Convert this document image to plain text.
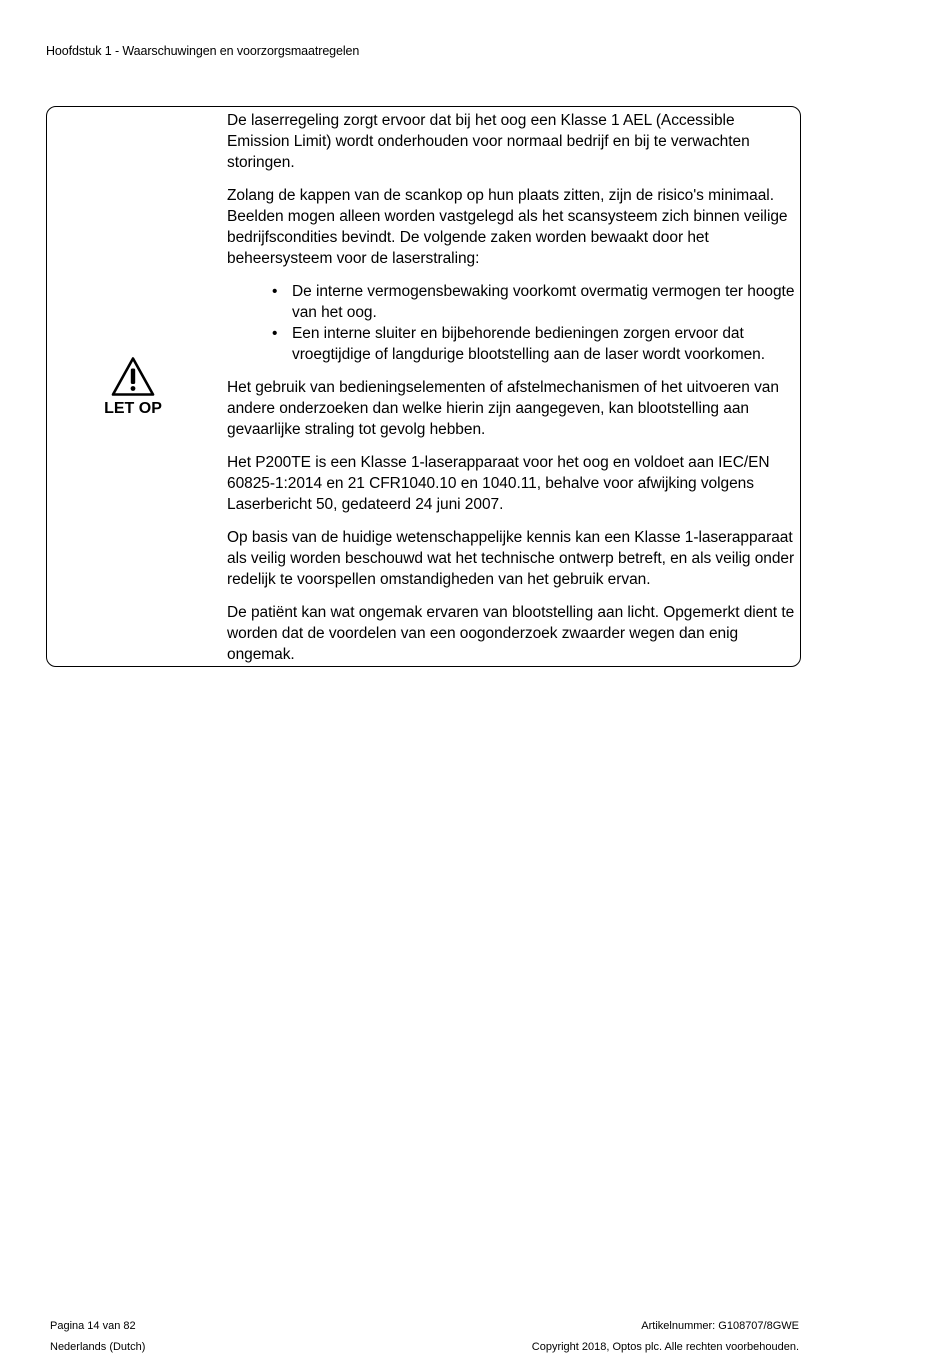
Hoofdstuk 1 - Waarschuwingen en voorzorgsmaatregelen
LET OP

De laserregeling zorgt ervoor dat bij het oog een Klasse 1 AEL (Accessible Emission Limit) wordt onderhouden voor normaal bedrijf en bij te verwachten storingen.

Zolang de kappen van de scankop op hun plaats zitten, zijn de risico's minimaal. Beelden mogen alleen worden vastgelegd als het scansysteem zich binnen veilige bedrijfscondities bevindt. De volgende zaken worden bewaakt door het beheersysteem voor de laserstraling:

• De interne vermogensbewaking voorkomt overmatig vermogen ter hoogte van het oog.
• Een interne sluiter en bijbehorende bedieningen zorgen ervoor dat vroegtijdige of langdurige blootstelling aan de laser wordt voorkomen.

Het gebruik van bedieningselementen of afstelmechanismen of het uitvoeren van andere onderzoeken dan welke hierin zijn aangegeven, kan blootstelling aan gevaarlijke straling tot gevolg hebben.

Het P200TE is een Klasse 1-laserapparaat voor het oog en voldoet aan IEC/EN 60825-1:2014 en 21 CFR1040.10 en 1040.11, behalve voor afwijking volgens Laserbericht 50, gedateerd 24 juni 2007.

Op basis van de huidige wetenschappelijke kennis kan een Klasse 1-laserapparaat als veilig worden beschouwd wat het technische ontwerp betreft, en als veilig onder redelijk te voorspellen omstandigheden van het gebruik ervan.

De patiënt kan wat ongemak ervaren van blootstelling aan licht. Opgemerkt dient te worden dat de voordelen van een oogonderzoek zwaarder wegen dan enig ongemak.

Pagina 14 van 82
Nederlands (Dutch)
Artikelnummer: G108707/8GWE
Copyright 2018, Optos plc. Alle rechten voorbehouden.
